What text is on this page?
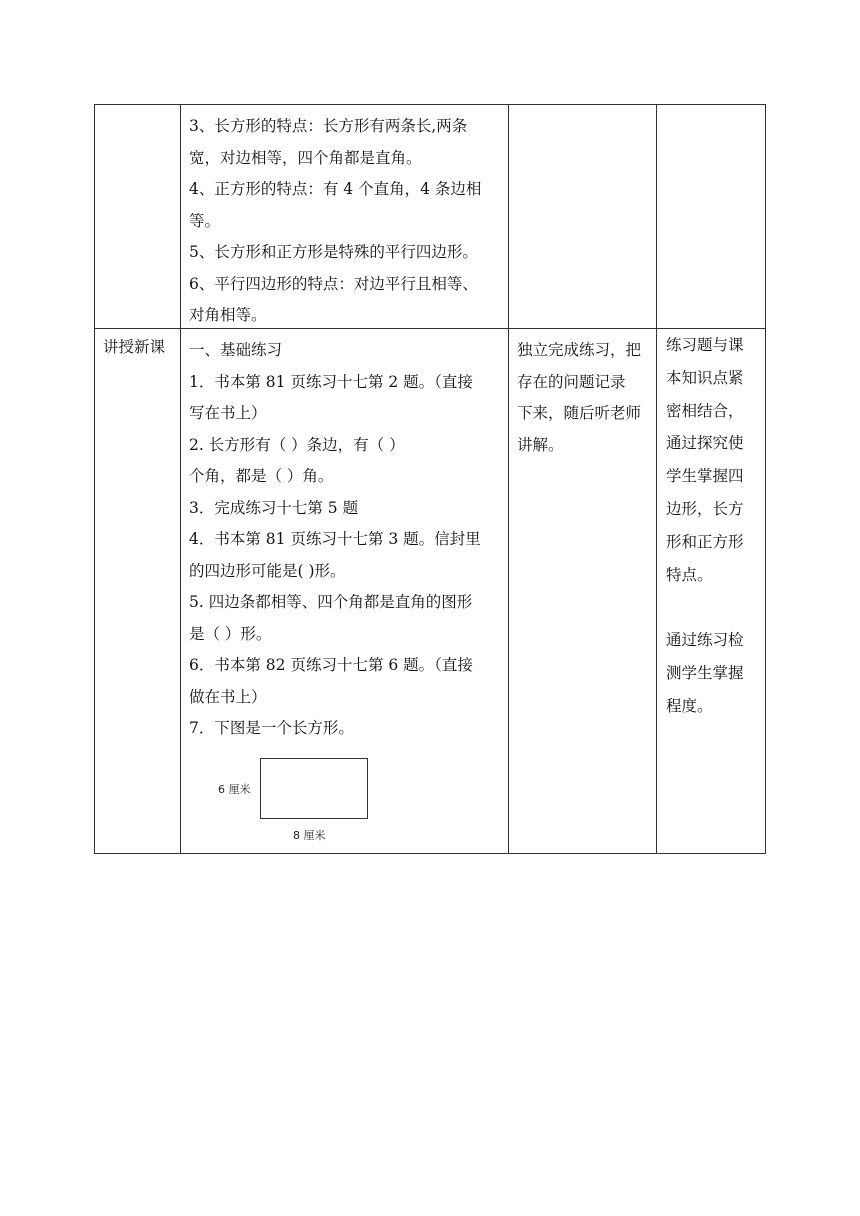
3、长方形的特点：长方形有两条长,两条

宽，对边相等，四个角都是直角。

4、正方形的特点：有 4 个直角，4 条边相

等。

5、长方形和正方形是特殊的平行四边形。

6、平行四边形的特点：对边平行且相等、

对角相等。

讲授新课	一、基础练习

1．书本第 81 页练习十七第 2 题。（直接

写在书上）

2. 长方形有（ ）条边，有（ ）

个角，都是（ ）角。

3．完成练习十七第 5 题

4．书本第 81 页练习十七第 3 题。信封里

的四边形可能是( )形。

5. 四边条都相等、四个角都是直角的图形

是（ ）形。

6．书本第 82 页练习十七第 6 题。（直接

做在书上）

7．下图是一个长方形。

6 厘米
8 厘米

独立完成练习，把

存在的问题记录

下来，随后听老师

讲解。

练习题与课

本知识点紧

密相结合，

通过探究使

学生掌握四

边形，长方

形和正方形

特点。

通过练习检

测学生掌握

程度。
